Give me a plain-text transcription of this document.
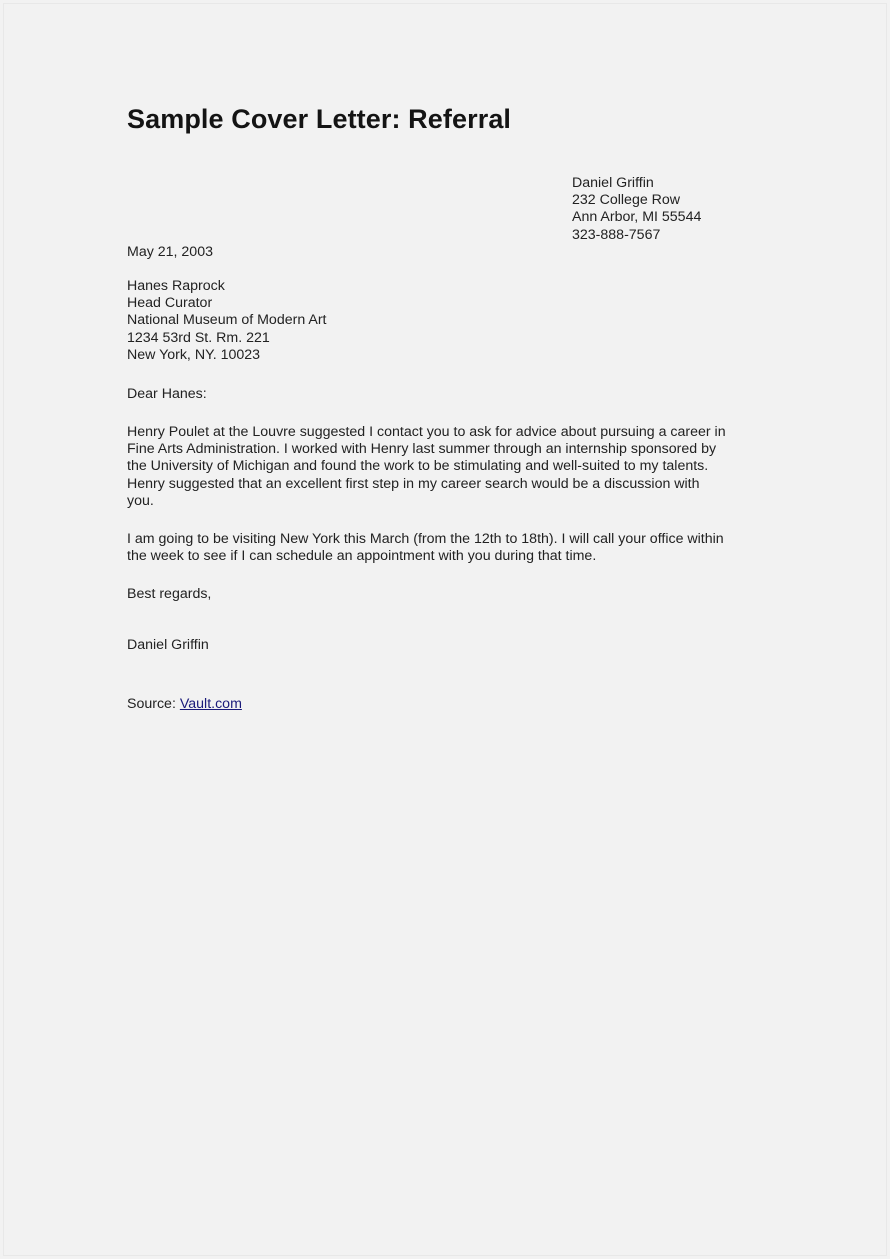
Sample Cover Letter: Referral
Daniel Griffin
232 College Row
Ann Arbor, MI 55544
323-888-7567
May 21, 2003
Hanes Raprock
Head Curator
National Museum of Modern Art
1234 53rd St. Rm. 221
New York, NY. 10023
Dear Hanes:
Henry Poulet at the Louvre suggested I contact you to ask for advice about pursuing a career in
Fine Arts Administration. I worked with Henry last summer through an internship sponsored by
the University of Michigan and found the work to be stimulating and well-suited to my talents.
Henry suggested that an excellent first step in my career search would be a discussion with
you.
I am going to be visiting New York this March (from the 12th to 18th). I will call your office within
the week to see if I can schedule an appointment with you during that time.
Best regards,
Daniel Griffin
Source: Vault.com
